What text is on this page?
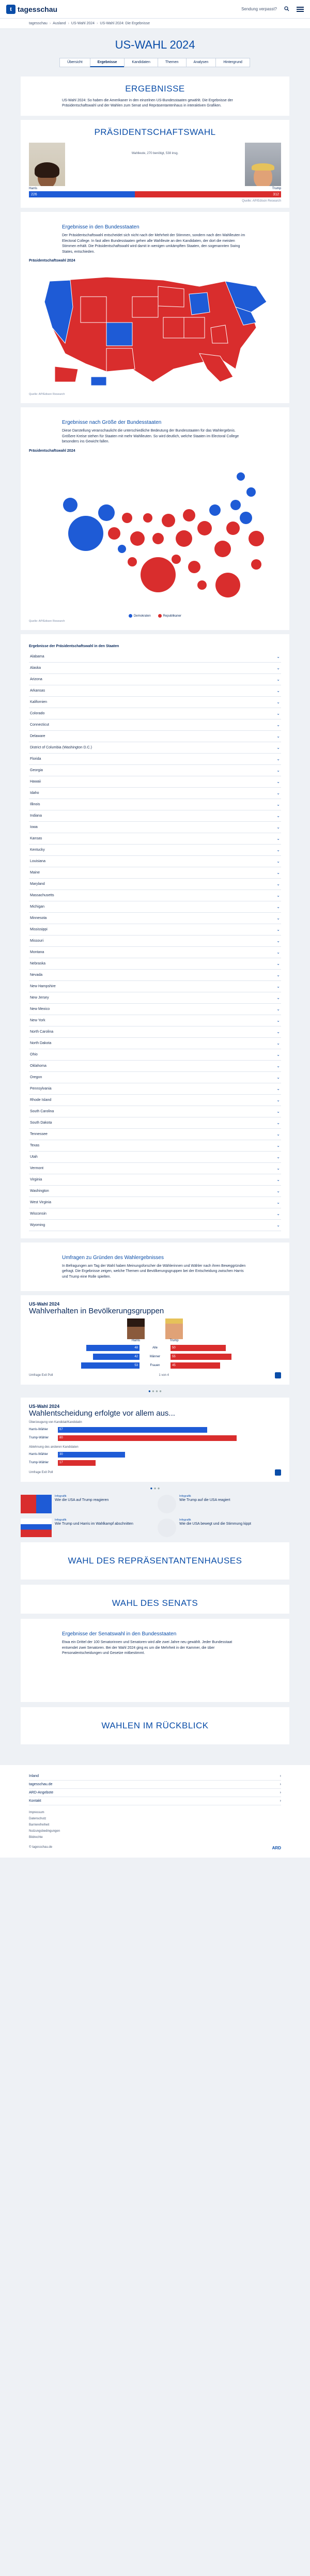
t tagesschau	Sendung verpasst?
tagesschau › Ausland › US-Wahl 2024 › US-Wahl 2024: Die Ergebnisse
US-WAHL 2024
Übersicht	Ergebnisse	Kandidaten	Themen	Analysen	Hintergrund
ERGEBNISSE

US-Wahl 2024: So haben die Amerikaner in den einzelnen US-Bundesstaaten gewählt. Die Ergebnisse der Präsidentschaftswahl und der Wahlen zum Senat und Repräsentantenhaus in interaktiven Grafiken.

PRÄSIDENTSCHAFTSWAHL
Wahlleute, 270 benötigt, 538 insg.
Harris	Trump
226	312
Quelle: AP/Edison Research
Ergebnisse in den Bundesstaaten

Der Präsidentschaftswahl entscheidet sich nicht nach der Mehrheit der Stimmen, sondern nach den Wahlleuten im Electoral College. In fast allen Bundesstaaten gehen alle Wahlleute an den Kandidaten, der dort die meisten Stimmen erhält. Die Präsidentschaftswahl wird damit in wenigen umkämpften Staaten, den sogenannten Swing States, entschieden.

Präsidentschaftswahl 2024
Quelle: AP/Edison Research
Ergebnisse nach Größe der Bundesstaaten

Diese Darstellung veranschaulicht die unterschiedliche Bedeutung der Bundesstaaten für das Wahlergebnis. Größere Kreise stehen für Staaten mit mehr Wahlleuten. So wird deutlich, welche Staaten im Electoral College besonders ins Gewicht fallen.

Präsidentschaftswahl 2024
Demokraten	Republikaner
Quelle: AP/Edison Research
Ergebnisse der Präsidentschaftswahl in den Staaten
Alabama	⌄
Alaska	⌄
Arizona	⌄
Arkansas	⌄
Kalifornien	⌄
Colorado	⌄
Connecticut	⌄
Delaware	⌄
District of Columbia (Washington D.C.)	⌄
Florida	⌄
Georgia	⌄
Hawaii	⌄
Idaho	⌄
Illinois	⌄
Indiana	⌄
Iowa	⌄
Kansas	⌄
Kentucky	⌄
Louisiana	⌄
Maine	⌄
Maryland	⌄
Massachusetts	⌄
Michigan	⌄
Minnesota	⌄
Mississippi	⌄
Missouri	⌄
Montana	⌄
Nebraska	⌄
Nevada	⌄
New Hampshire	⌄
New Jersey	⌄
New Mexico	⌄
New York	⌄
North Carolina	⌄
North Dakota	⌄
Ohio	⌄
Oklahoma	⌄
Oregon	⌄
Pennsylvania	⌄
Rhode Island	⌄
South Carolina	⌄
South Dakota	⌄
Tennessee	⌄
Texas	⌄
Utah	⌄
Vermont	⌄
Virginia	⌄
Washington	⌄
West Virginia	⌄
Wisconsin	⌄
Wyoming	⌄
Umfragen zu Gründen des Wahlergebnisses

In Befragungen am Tag der Wahl haben Meinungsforscher die Wählerinnen und Wähler nach ihren Beweggründen gefragt. Die Ergebnisse zeigen, welche Themen und Bevölkerungsgruppen bei der Entscheidung zwischen Harris und Trump eine Rolle spielten.

US-Wahl 2024
Wahlverhalten in Bevölkerungsgruppen
Harris	Trump
48	Alle	50
42	Männer	55
53	Frauen	45
Umfrage Exit Poll	1 von 4
● ● ● ●
US-Wahl 2024
Wahlentscheidung erfolgte vor allem aus...
Überzeugung von Kandidat/Kandidatin
Harris-Wähler	67
Trump-Wähler	80
Ablehnung des anderen Kandidaten
Harris-Wähler	30
Trump-Wähler	17
Umfrage Exit Poll
● ● ●
Infografik
Wie die USA auf Trump reagieren
Infografik
Wie Trump auf die USA reagiert
Infografik
Wie Trump und Harris im Wahlkampf abschnitten
Infografik
Wie die USA bewegt und die Stimmung kippt
WAHL DES REPRÄSENTANTENHAUSES
WAHL DES SENATS
Ergebnisse der Senatswahl in den Bundesstaaten

Etwa ein Drittel der 100 Senatorinnen und Senatoren wird alle zwei Jahre neu gewählt. Jeder Bundesstaat entsendet zwei Senatoren. Bei der Wahl 2024 ging es um die Mehrheit in der Kammer, die über Personalentscheidungen und Gesetze mitbestimmt.

WAHLEN IM RÜCKBLICK
Inland	›
tagesschau.de	›
ARD-Angebote	›
Kontakt	›
Impressum
Datenschutz
Barrierefreiheit
Nutzungsbedingungen
Bildrechte
© tagesschau.de	ARD
